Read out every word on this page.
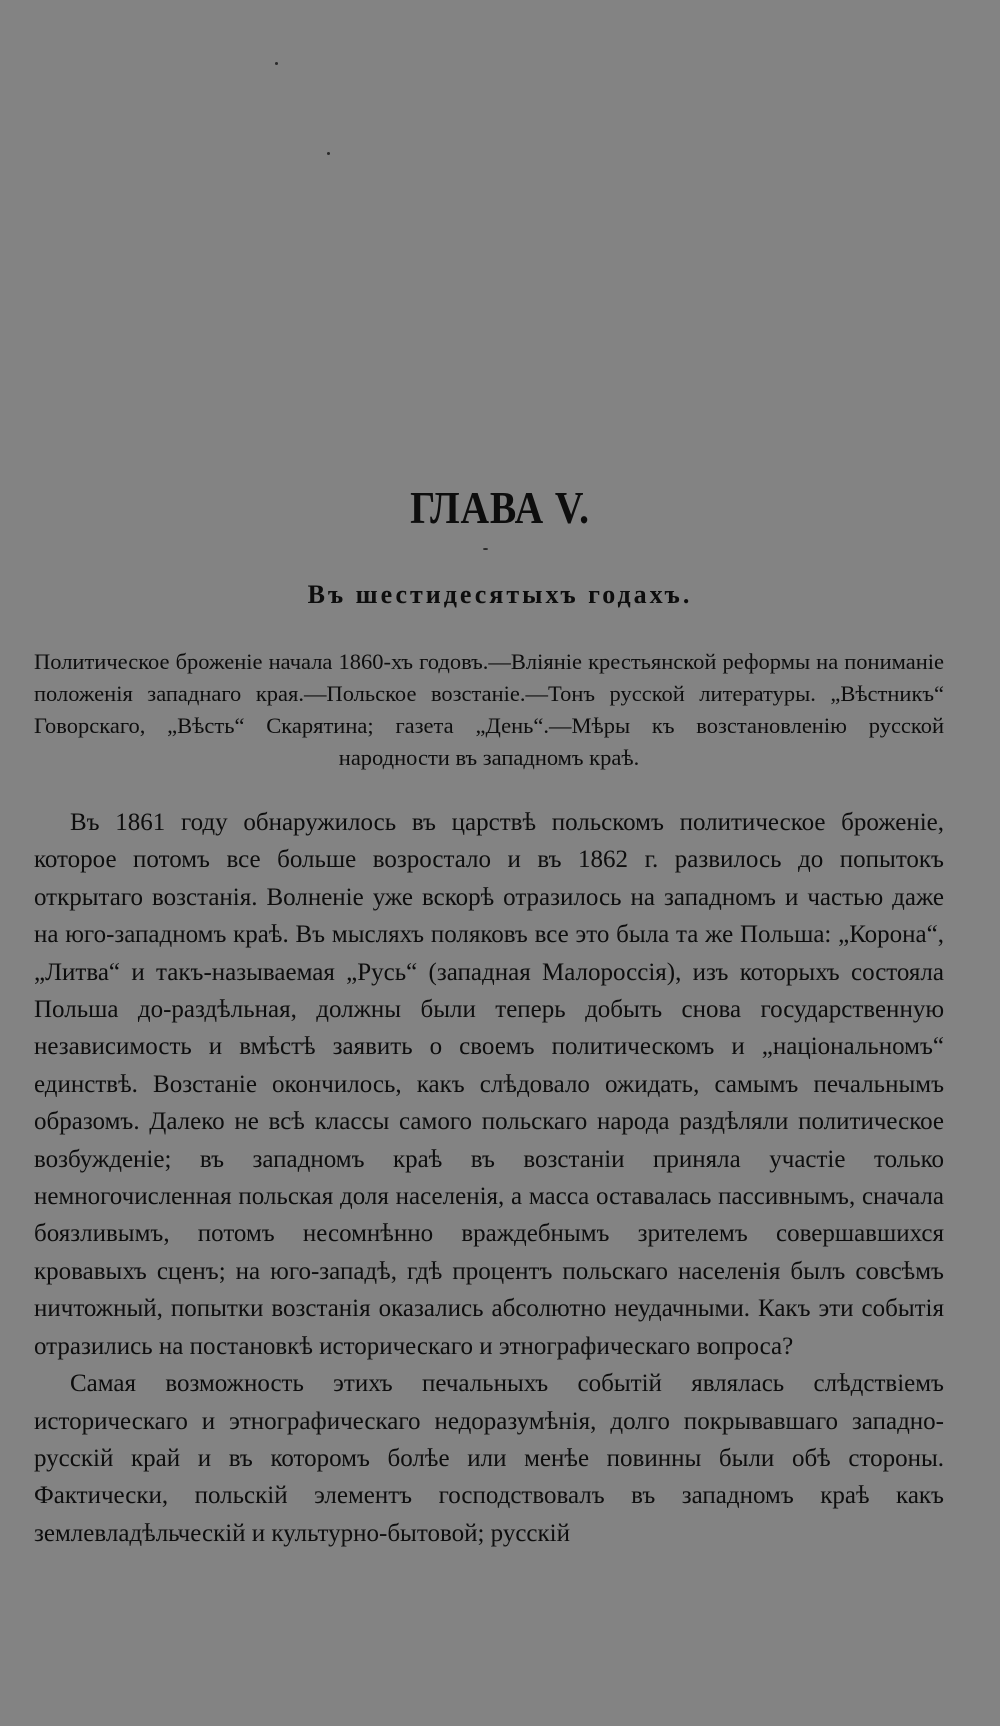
ГЛАВА V.
Въ шестидесятыхъ годахъ.

Политическое броженіе начала 1860-хъ годовъ.—Вліяніе крестьянской реформы на пониманіе положенія западнаго края.—Польское возстаніе.—Тонъ русской литературы. „Вѣстникъ“ Говорскаго, „Вѣсть“ Скарятина; газета „День“.—Мѣры къ возстановленію русской народности въ западномъ краѣ.

Въ 1861 году обнаружилось въ царствѣ польскомъ политическое броженіе, которое потомъ все больше возростало и въ 1862 г. развилось до попытокъ открытаго возстанія. Волненіе уже вскорѣ отразилось на западномъ и частью даже на юго-западномъ краѣ. Въ мысляхъ поляковъ все это была та же Польша: „Корона“, „Литва“ и такъ-называемая „Русь“ (западная Малороссія), изъ которыхъ состояла Польша до-раздѣльная, должны были теперь добыть снова государственную независимость и вмѣстѣ заявить о своемъ политическомъ и „національномъ“ единствѣ. Возстаніе окончилось, какъ слѣдовало ожидать, самымъ печальнымъ образомъ. Далеко не всѣ классы самого польскаго народа раздѣляли политическое возбужденіе; въ западномъ краѣ въ возстаніи приняла участіе только немногочисленная польская доля населенія, а масса оставалась пассивнымъ, сначала боязливымъ, потомъ несомнѣнно враждебнымъ зрителемъ совершавшихся кровавыхъ сценъ; на юго-западѣ, гдѣ процентъ польскаго населенія былъ совсѣмъ ничтожный, попытки возстанія оказались абсолютно неудачными. Какъ эти событія отразились на постановкѣ историческаго и этнографическаго вопроса?

Самая возможность этихъ печальныхъ событій являлась слѣдствіемъ историческаго и этнографическаго недоразумѣнія, долго покрывавшаго западно-русскій край и въ которомъ болѣе или менѣе повинны были обѣ стороны. Фактически, польскій элементъ господствовалъ въ западномъ краѣ какъ землевладѣльческій и культурно-бытовой; русскій
